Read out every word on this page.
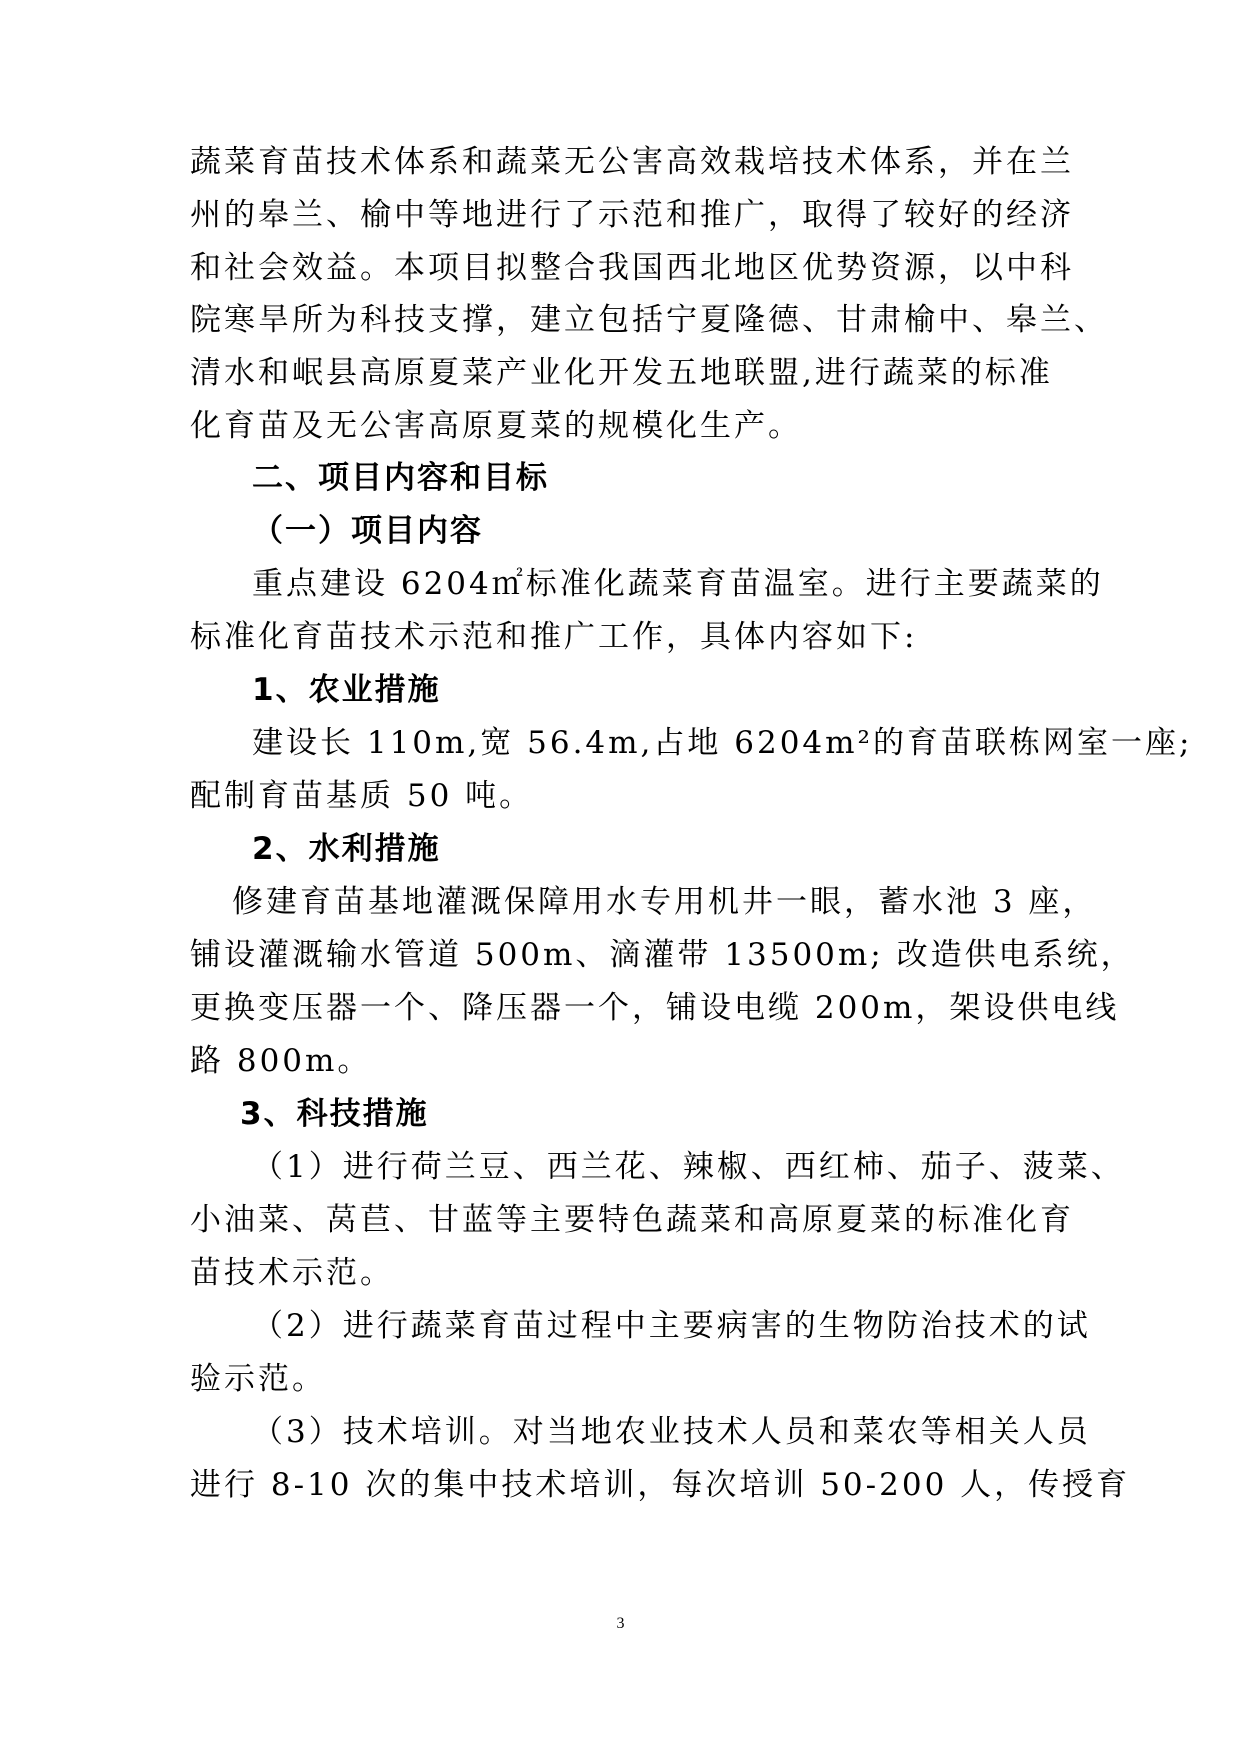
蔬菜育苗技术体系和蔬菜无公害高效栽培技术体系，并在兰
州的皋兰、榆中等地进行了示范和推广，取得了较好的经济
和社会效益。本项目拟整合我国西北地区优势资源，以中科
院寒旱所为科技支撑，建立包括宁夏隆德、甘肃榆中、皋兰、
清水和岷县高原夏菜产业化开发五地联盟,进行蔬菜的标准
化育苗及无公害高原夏菜的规模化生产。
二、项目内容和目标
（一）项目内容
重点建设 6204㎡标准化蔬菜育苗温室。进行主要蔬菜的
标准化育苗技术示范和推广工作，具体内容如下:
1、农业措施
建设长 110m,宽 56.4m,占地 6204m²的育苗联栋网室一座;
配制育苗基质 50 吨。
2、水利措施
修建育苗基地灌溉保障用水专用机井一眼，蓄水池 3 座，
铺设灌溉输水管道 500m、滴灌带 13500m; 改造供电系统，
更换变压器一个、降压器一个，铺设电缆 200m，架设供电线
路 800m。
3、科技措施
（1）进行荷兰豆、西兰花、辣椒、西红柿、茄子、菠菜、
小油菜、莴苣、甘蓝等主要特色蔬菜和高原夏菜的标准化育
苗技术示范。
（2）进行蔬菜育苗过程中主要病害的生物防治技术的试
验示范。
（3）技术培训。对当地农业技术人员和菜农等相关人员
进行 8-10 次的集中技术培训，每次培训 50-200 人，传授育
3
